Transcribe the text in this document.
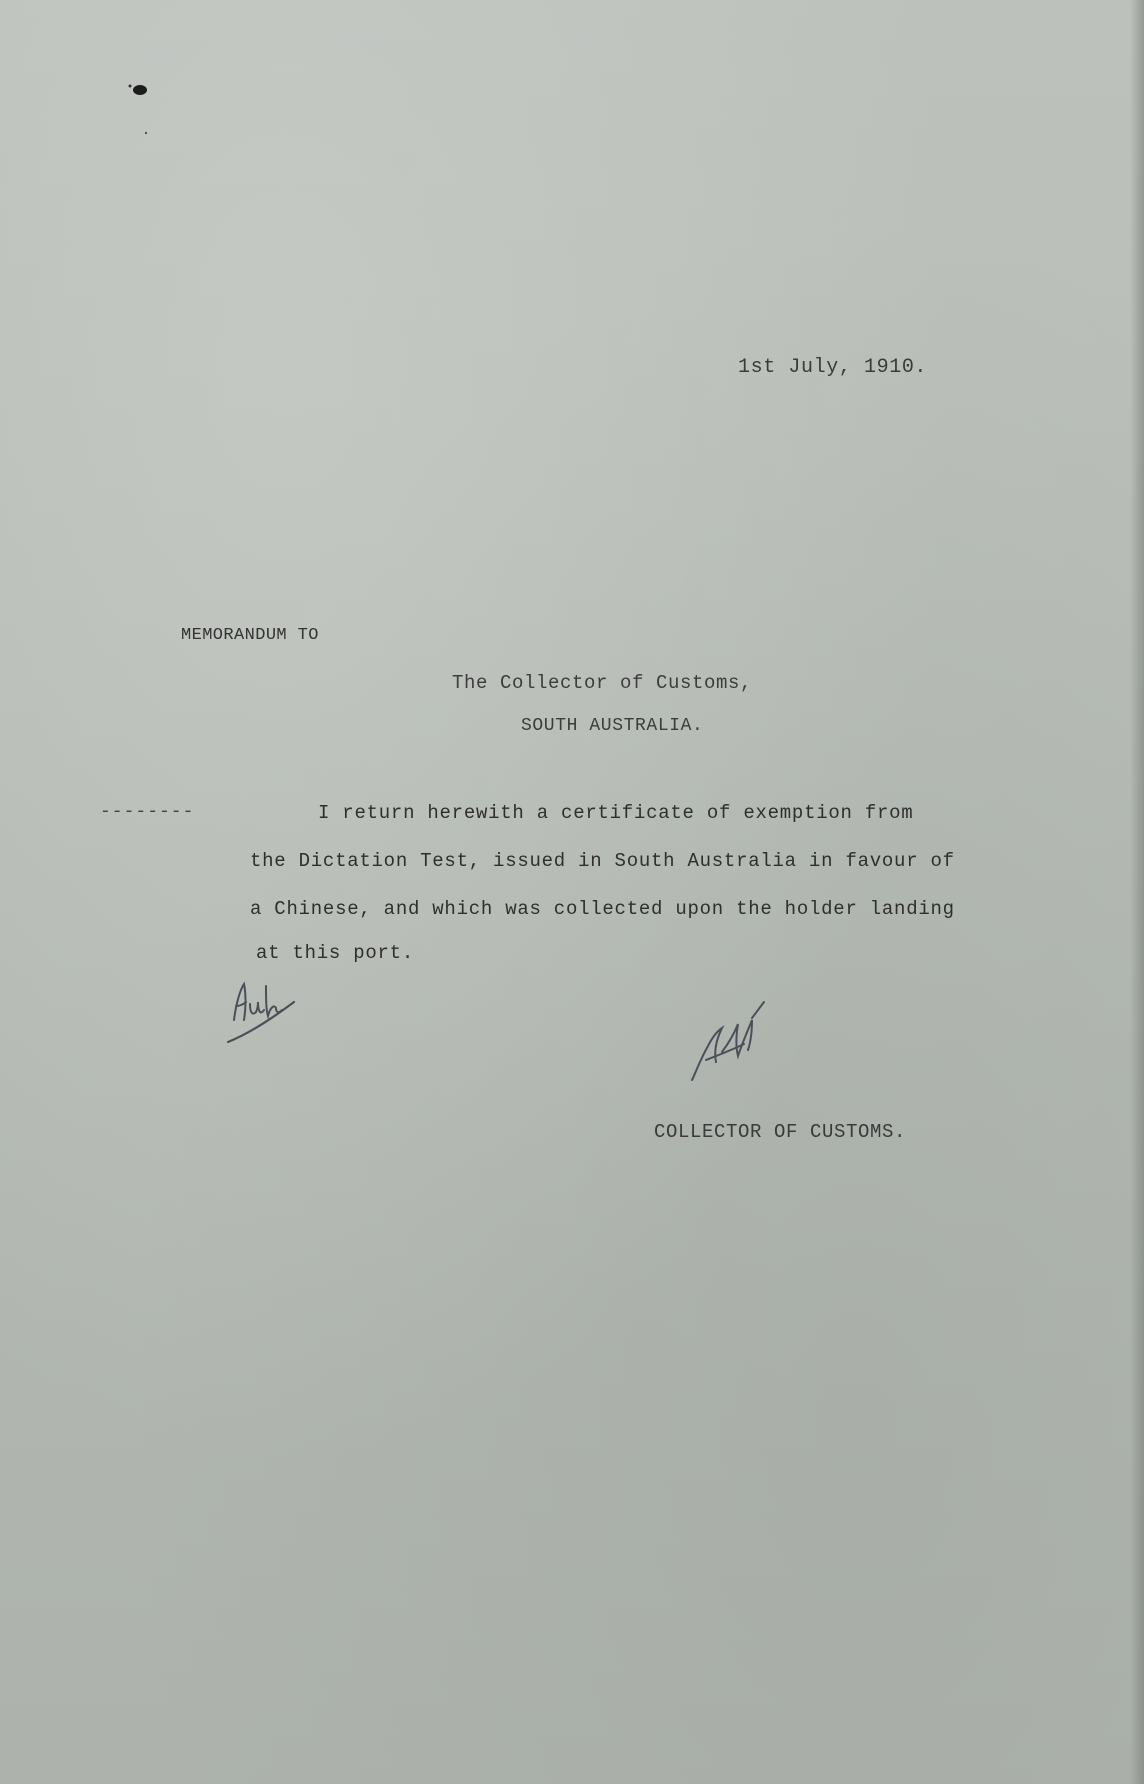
1st July, 1910.
MEMORANDUM TO
The Collector of Customs,
SOUTH AUSTRALIA.
--------	I return herewith a certificate of exemption from
the Dictation Test, issued in South Australia in favour of
a Chinese, and which was collected upon the holder landing
at this port.
COLLECTOR OF CUSTOMS.
